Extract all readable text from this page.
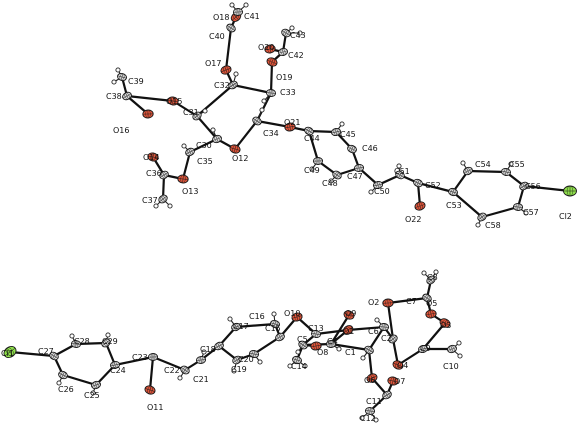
O18 C41
C40
O20
C43
C42
O19
O17
C39
C38
O15
C32
C33
C31
O16	C34
O21
C44	C45
C46
C30
O12
C35
O14
C36
O13
C37
C49
C48
C47
C51
C50
C52
O22
C53
C54 C55
C56
C57
C58
Cl2
C8
O2	C7 O5
O3
O10	O9
C17
C16
C15	C13 O1 C6
C2
C4
C5
O8 C1	C9
O4	C10
C14
C18
C20
C19
C28 C29
C23
C22
C21
C27
C24
C26
C25
O11
O6 O7
C11
C12
Cl1
